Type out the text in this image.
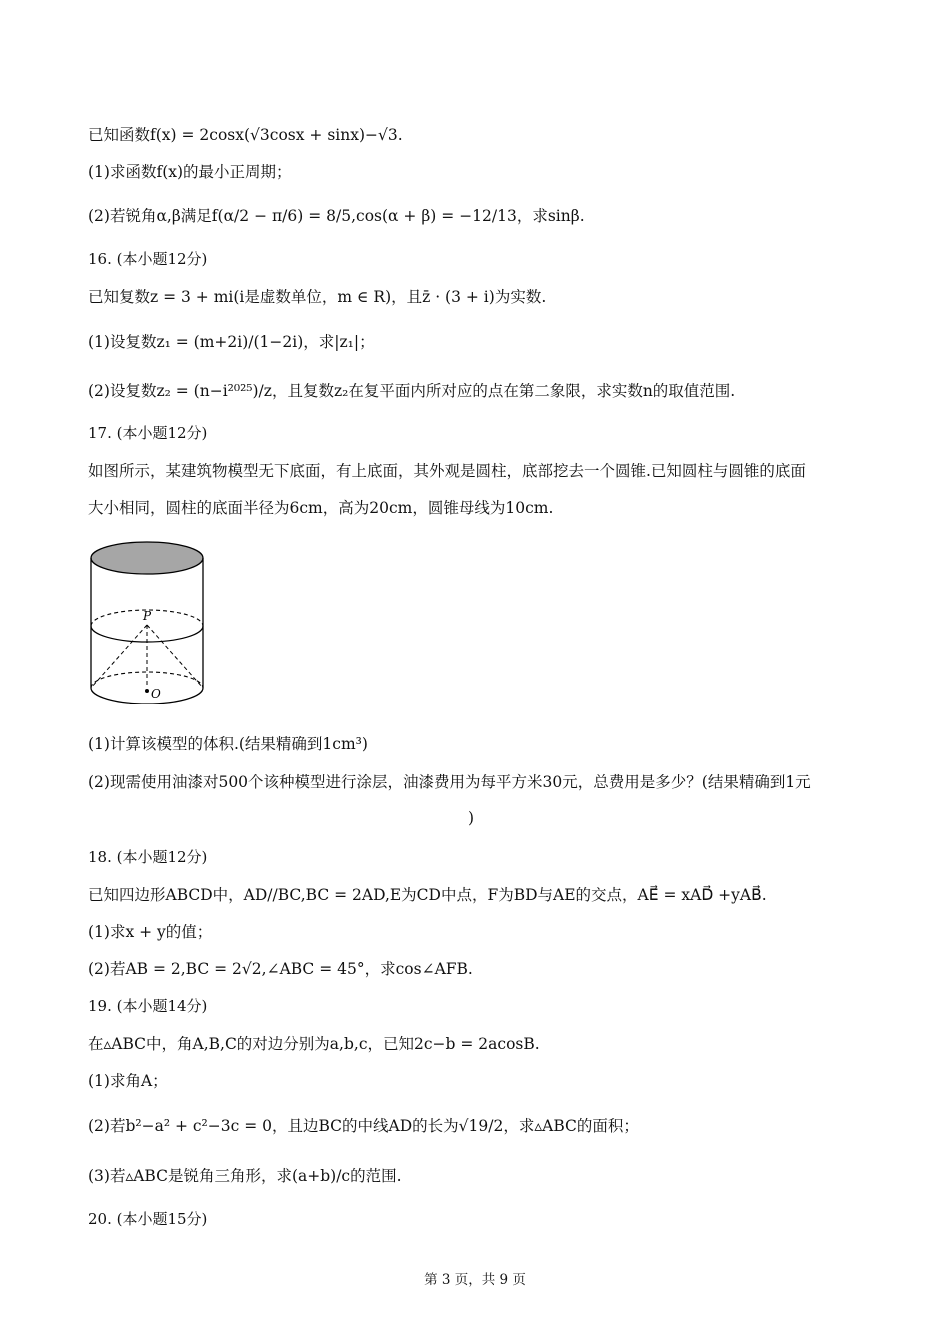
已知函数f(x) = 2cosx(√3cosx + sinx)−√3.
(1)求函数f(x)的最小正周期；
(2)若锐角α,β满足f(α/2 − π/6) = 8/5,cos(α + β) = −12/13，求sinβ.
16. (本小题12分)
已知复数z = 3 + mi(i是虚数单位，m ∈ R)，且z̄ · (3 + i)为实数.
(1)设复数z₁ = (m+2i)/(1−2i)，求|z₁|；
(2)设复数z₂ = (n−i²⁰²⁵)/z，且复数z₂在复平面内所对应的点在第二象限，求实数n的取值范围.
17. (本小题12分)
如图所示，某建筑物模型无下底面，有上底面，其外观是圆柱，底部挖去一个圆锥.已知圆柱与圆锥的底面
大小相同，圆柱的底面半径为6cm，高为20cm，圆锥母线为10cm.
P
O
(1)计算该模型的体积.(结果精确到1cm³)
(2)现需使用油漆对500个该种模型进行涂层，油漆费用为每平方米30元，总费用是多少？(结果精确到1元
)
18. (本小题12分)
已知四边形ABCD中，AD//BC,BC = 2AD,E为CD中点，F为BD与AE的交点，AE⃗ = xAD⃗ +yAB⃗.
(1)求x + y的值；
(2)若AB = 2,BC = 2√2,∠ABC = 45°，求cos∠AFB.
19. (本小题14分)
在▵ABC中，角A,B,C的对边分别为a,b,c，已知2c−b = 2acosB.
(1)求角A；
(2)若b²−a² + c²−3c = 0，且边BC的中线AD的长为√19/2，求▵ABC的面积；
(3)若▵ABC是锐角三角形，求(a+b)/c的范围.
20. (本小题15分)
第 3 页，共 9 页
